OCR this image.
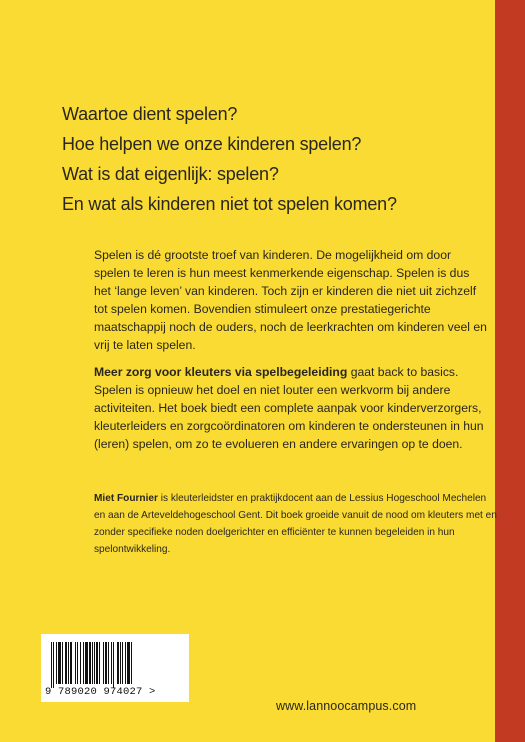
Waartoe dient spelen?
Hoe helpen we onze kinderen spelen?
Wat is dat eigenlijk: spelen?
En wat als kinderen niet tot spelen komen?

Spelen is dé grootste troef van kinderen. De mogelijkheid om door spelen te leren is hun meest kenmerkende eigenschap. Spelen is dus het ‘lange leven’ van kinderen. Toch zijn er kinderen die niet uit zichzelf tot spelen komen. Bovendien stimuleert onze prestatiegerichte maatschappij noch de ouders, noch de leerkrachten om kinderen veel en vrij te laten spelen.

Meer zorg voor kleuters via spelbegeleiding gaat back to basics. Spelen is opnieuw het doel en niet louter een werkvorm bij andere activiteiten. Het boek biedt een complete aanpak voor kinderverzorgers, kleuterleiders en zorgcoördinatoren om kinderen te ondersteunen in hun (leren) spelen, om zo te evolueren en andere ervaringen op te doen.

Miet Fournier is kleuterleidster en praktijkdocent aan de Lessius Hogeschool Mechelen en aan de Arteveldehogeschool Gent. Dit boek groeide vanuit de nood om kleuters met en zonder specifieke noden doelgerichter en efficiënter te kunnen begeleiden in hun spelontwikkeling.

9 789020 974027 >
www.lannoocampus.com
